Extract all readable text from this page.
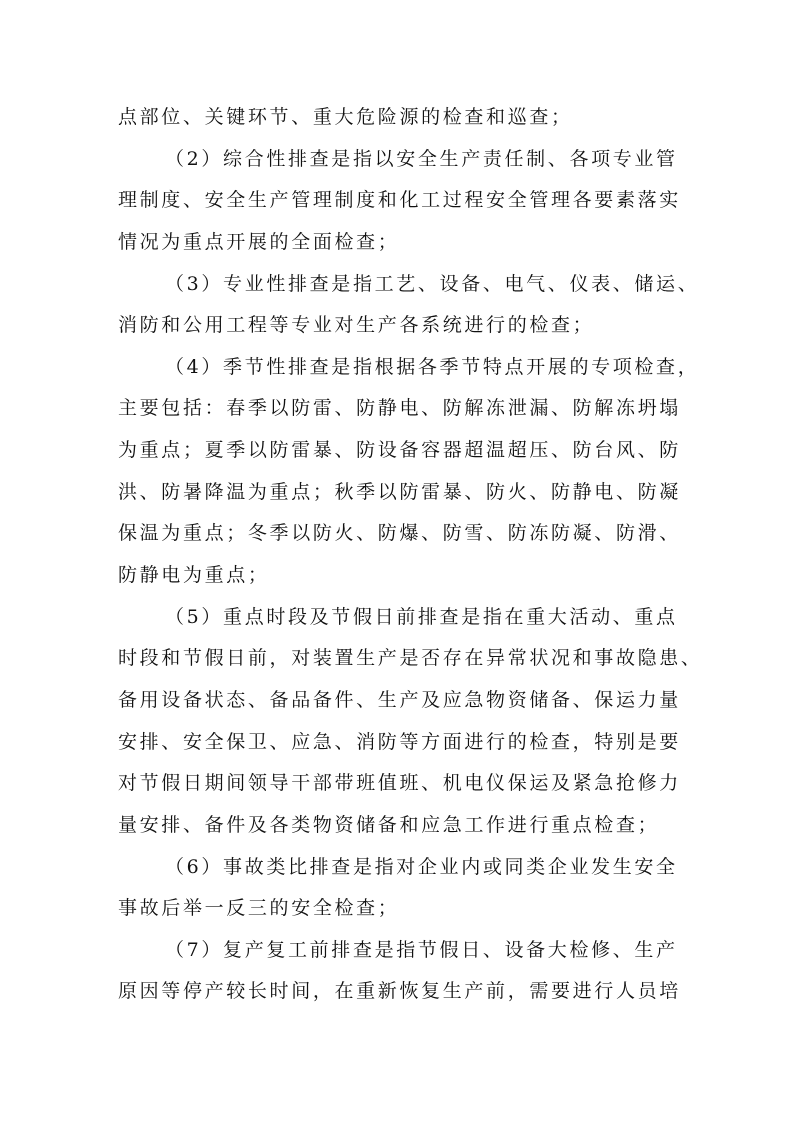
点部位、关键环节、重大危险源的检查和巡查；
（2）综合性排查是指以安全生产责任制、各项专业管
理制度、安全生产管理制度和化工过程安全管理各要素落实
情况为重点开展的全面检查；
（3）专业性排查是指工艺、设备、电气、仪表、储运、
消防和公用工程等专业对生产各系统进行的检查；
（4）季节性排查是指根据各季节特点开展的专项检查，
主要包括：春季以防雷、防静电、防解冻泄漏、防解冻坍塌
为重点；夏季以防雷暴、防设备容器超温超压、防台风、防
洪、防暑降温为重点；秋季以防雷暴、防火、防静电、防凝
保温为重点；冬季以防火、防爆、防雪、防冻防凝、防滑、
防静电为重点；
（5）重点时段及节假日前排查是指在重大活动、重点
时段和节假日前，对装置生产是否存在异常状况和事故隐患、
备用设备状态、备品备件、生产及应急物资储备、保运力量
安排、安全保卫、应急、消防等方面进行的检查，特别是要
对节假日期间领导干部带班值班、机电仪保运及紧急抢修力
量安排、备件及各类物资储备和应急工作进行重点检查；
（6）事故类比排查是指对企业内或同类企业发生安全
事故后举一反三的安全检查；
（7）复产复工前排查是指节假日、设备大检修、生产
原因等停产较长时间，在重新恢复生产前，需要进行人员培
